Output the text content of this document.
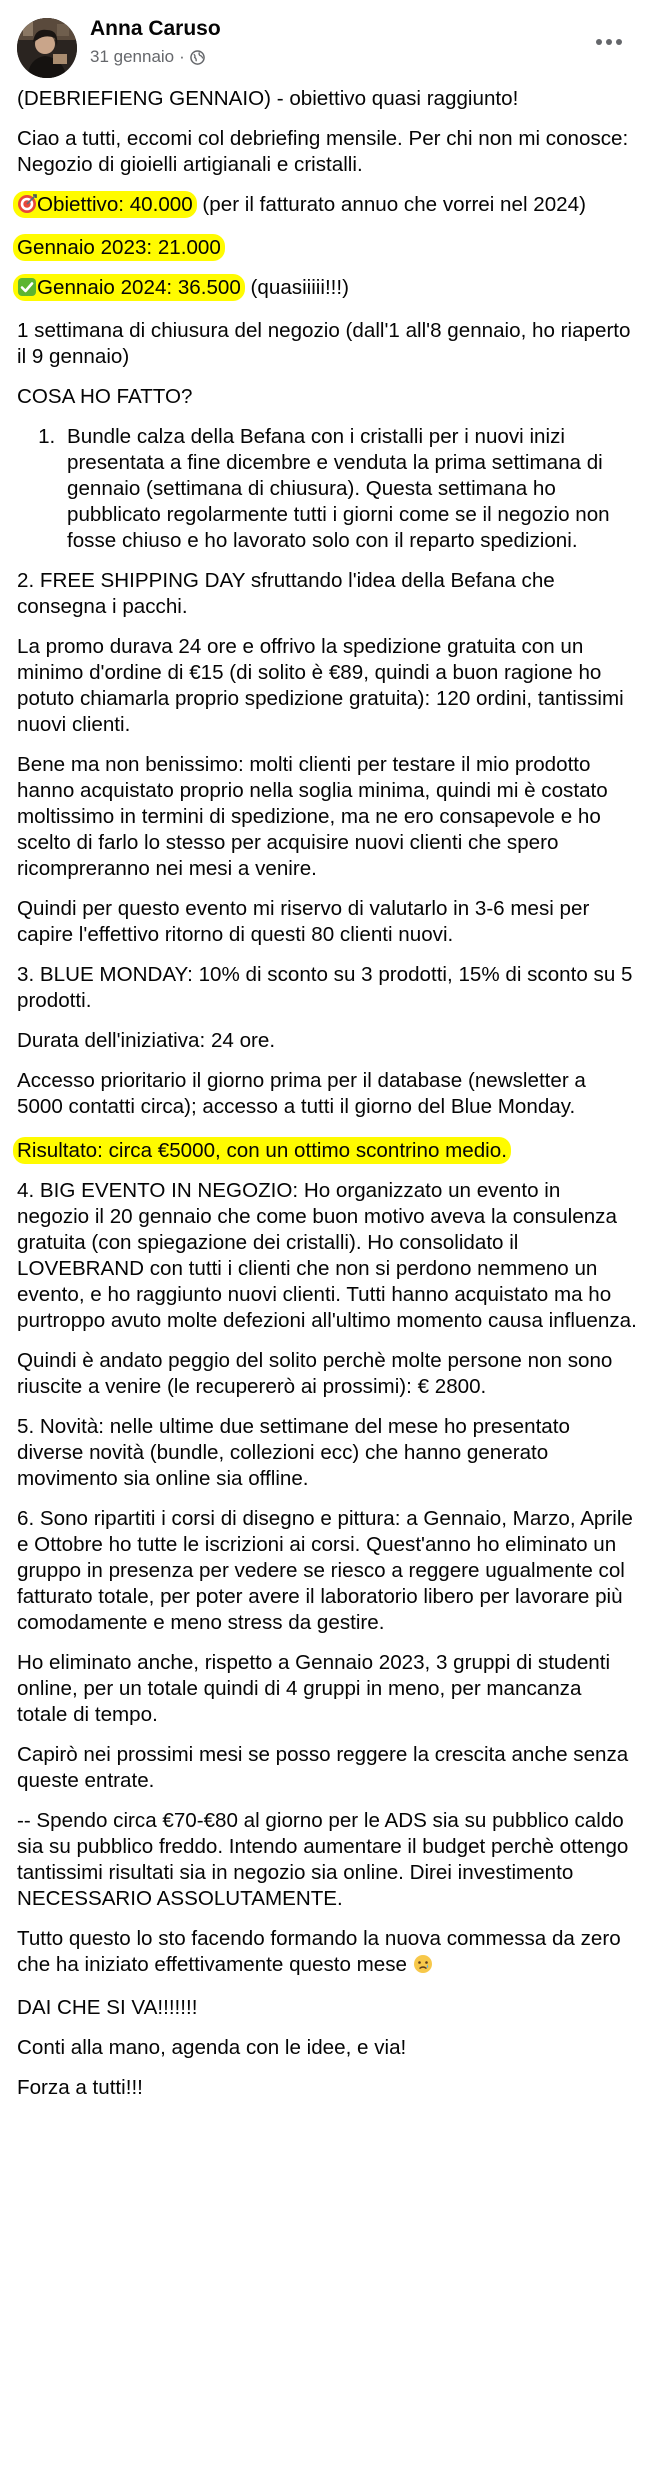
Anna Caruso
31 gennaio ·

(DEBRIEFIENG GENNAIO) - obiettivo quasi raggiunto!

Ciao a tutti, eccomi col debriefing mensile. Per chi non mi conosce: Negozio di gioielli artigianali e cristalli.

Obiettivo: 40.000 (per il fatturato annuo che vorrei nel 2024)

Gennaio 2023: 21.000

Gennaio 2024: 36.500 (quasiiiii!!!)

1 settimana di chiusura del negozio (dall'1 all'8 gennaio, ho riaperto il 9 gennaio)

COSA HO FATTO?

1. Bundle calza della Befana con i cristalli per i nuovi inizi presentata a fine dicembre e venduta la prima settimana di gennaio (settimana di chiusura). Questa settimana ho pubblicato regolarmente tutti i giorni come se il negozio non fosse chiuso e ho lavorato solo con il reparto spedizioni.

2. FREE SHIPPING DAY sfruttando l'idea della Befana che consegna i pacchi.

La promo durava 24 ore e offrivo la spedizione gratuita con un minimo d'ordine di €15 (di solito è €89, quindi a buon ragione ho potuto chiamarla proprio spedizione gratuita): 120 ordini, tantissimi nuovi clienti.

Bene ma non benissimo: molti clienti per testare il mio prodotto hanno acquistato proprio nella soglia minima, quindi mi è costato moltissimo in termini di spedizione, ma ne ero consapevole e ho scelto di farlo lo stesso per acquisire nuovi clienti che spero ricompreranno nei mesi a venire.

Quindi per questo evento mi riservo di valutarlo in 3-6 mesi per capire l'effettivo ritorno di questi 80 clienti nuovi.

3. BLUE MONDAY: 10% di sconto su 3 prodotti, 15% di sconto su 5 prodotti.

Durata dell'iniziativa: 24 ore.

Accesso prioritario il giorno prima per il database (newsletter a 5000 contatti circa); accesso a tutti il giorno del Blue Monday.

Risultato: circa €5000, con un ottimo scontrino medio.

4. BIG EVENTO IN NEGOZIO: Ho organizzato un evento in negozio il 20 gennaio che come buon motivo aveva la consulenza gratuita (con spiegazione dei cristalli). Ho consolidato il LOVEBRAND con tutti i clienti che non si perdono nemmeno un evento, e ho raggiunto nuovi clienti. Tutti hanno acquistato ma ho purtroppo avuto molte defezioni all'ultimo momento causa influenza.

Quindi è andato peggio del solito perchè molte persone non sono riuscite a venire (le recupererò ai prossimi): € 2800.

5. Novità: nelle ultime due settimane del mese ho presentato diverse novità (bundle, collezioni ecc) che hanno generato movimento sia online sia offline.

6. Sono ripartiti i corsi di disegno e pittura: a Gennaio, Marzo, Aprile e Ottobre ho tutte le iscrizioni ai corsi. Quest'anno ho eliminato un gruppo in presenza per vedere se riesco a reggere ugualmente col fatturato totale, per poter avere il laboratorio libero per lavorare più comodamente e meno stress da gestire.

Ho eliminato anche, rispetto a Gennaio 2023, 3 gruppi di studenti online, per un totale quindi di 4 gruppi in meno, per mancanza totale di tempo.

Capirò nei prossimi mesi se posso reggere la crescita anche senza queste entrate.

-- Spendo circa €70-€80 al giorno per le ADS sia su pubblico caldo sia su pubblico freddo. Intendo aumentare il budget perchè ottengo tantissimi risultati sia in negozio sia online. Direi investimento NECESSARIO ASSOLUTAMENTE.

Tutto questo lo sto facendo formando la nuova commessa da zero che ha iniziato effettivamente questo mese

DAI CHE SI VA!!!!!!!

Conti alla mano, agenda con le idee, e via!

Forza a tutti!!!
